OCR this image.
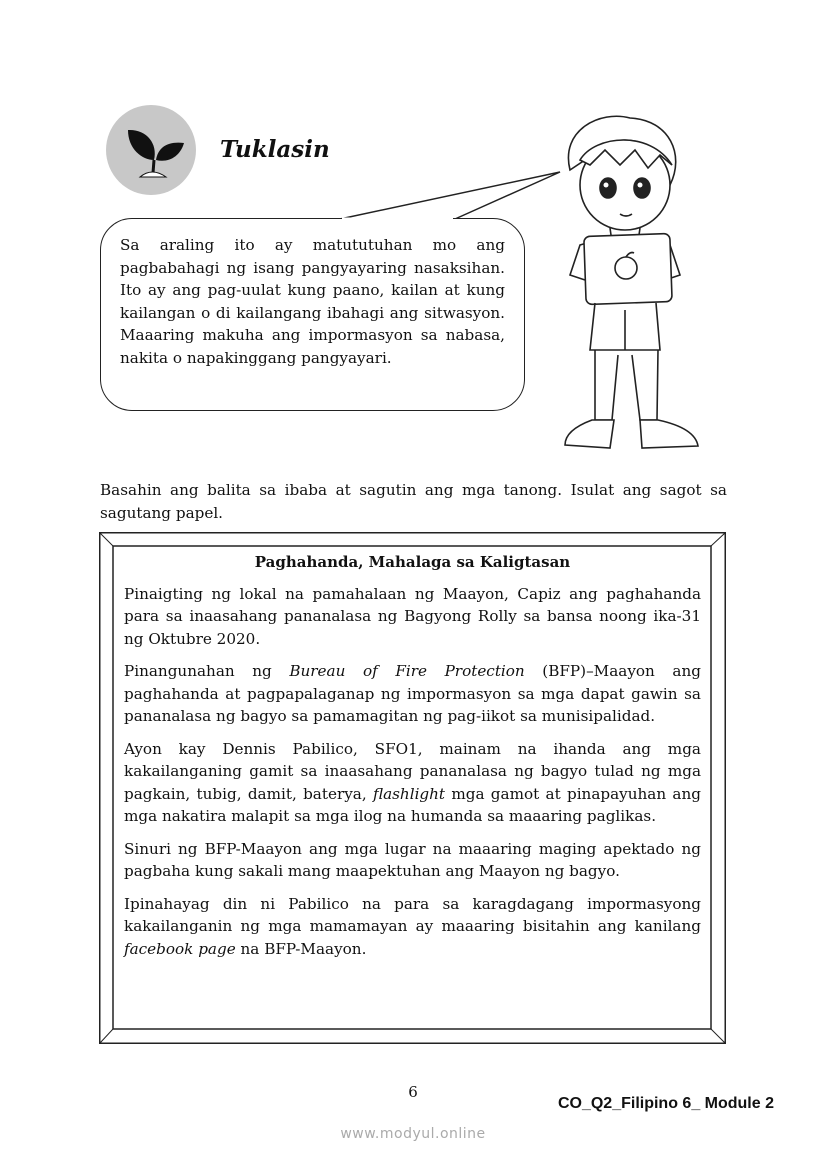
Tuklasin
Sa araling ito ay matututuhan mo ang pagbabahagi ng isang pangyayaring nasaksihan. Ito ay ang pag-uulat kung paano, kailan at kung kailangan o di kailangang ibahagi ang sitwasyon. Maaaring makuha ang impormasyon sa nabasa, nakita o napakinggang pangyayari.
Basahin ang balita sa ibaba at sagutin ang mga tanong. Isulat ang sagot sa sagutang papel.
Paghahanda, Mahalaga sa Kaligtasan

Pinaigting ng lokal na pamahalaan ng Maayon, Capiz ang paghahanda para sa inaasahang pananalasa ng Bagyong Rolly sa bansa noong ika-31 ng Oktubre 2020.

Pinangunahan ng Bureau of Fire Protection (BFP)–Maayon ang paghahanda at pagpapalaganap ng impormasyon sa mga dapat gawin sa pananalasa ng bagyo sa pamamagitan ng pag-iikot sa munisipalidad.

Ayon kay Dennis Pabilico, SFO1, mainam na ihanda ang mga kakailanganing gamit sa inaasahang pananalasa ng bagyo tulad ng mga pagkain, tubig, damit, baterya, flashlight mga gamot at pinapayuhan ang mga nakatira malapit sa mga ilog na humanda sa maaaring paglikas.

Sinuri ng BFP-Maayon ang mga lugar na maaaring maging apektado ng pagbaha kung sakali mang maapektuhan ang Maayon ng bagyo.

Ipinahayag din ni Pabilico na para sa karagdagang impormasyong kakailanganin ng mga mamamayan ay maaaring bisitahin ang kanilang facebook page na BFP-Maayon.

6
CO_Q2_Filipino 6_ Module 2
www.modyul.online
